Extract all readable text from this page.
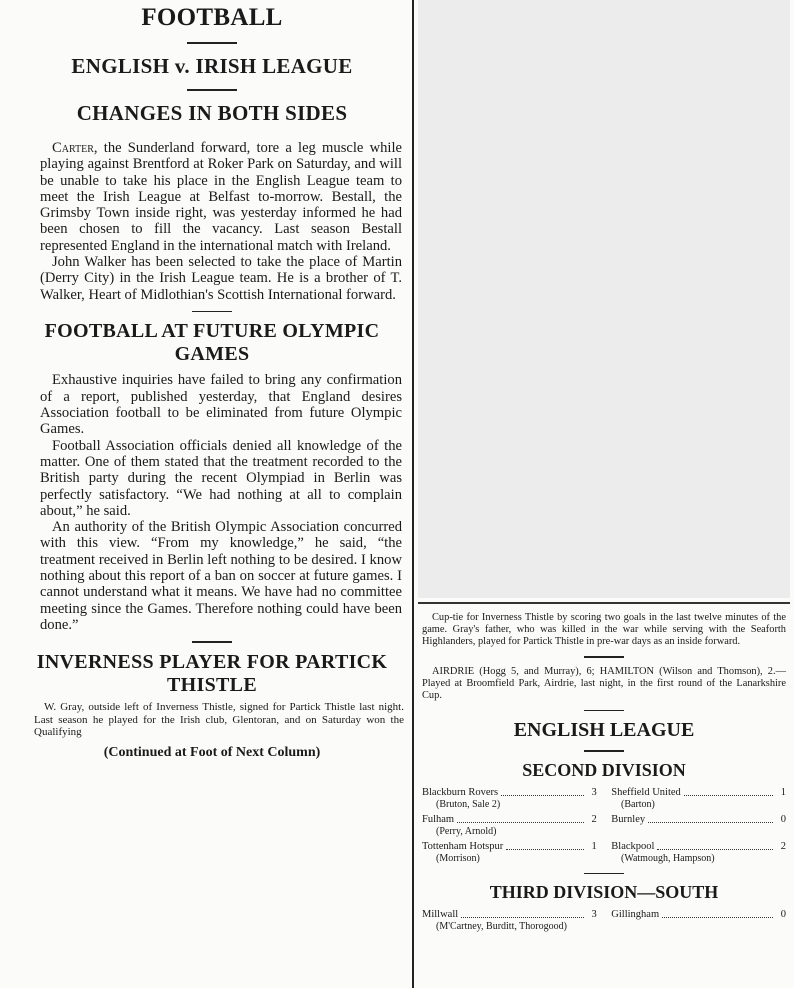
FOOTBALL
ENGLISH v. IRISH LEAGUE
CHANGES IN BOTH SIDES

Carter, the Sunderland forward, tore a leg muscle while playing against Brentford at Roker Park on Saturday, and will be unable to take his place in the English League team to meet the Irish League at Belfast to-morrow. Bestall, the Grimsby Town inside right, was yesterday informed he had been chosen to fill the vacancy. Last season Bestall represented England in the international match with Ireland.

John Walker has been selected to take the place of Martin (Derry City) in the Irish League team. He is a brother of T. Walker, Heart of Midlothian's Scottish International forward.

FOOTBALL AT FUTURE OLYMPIC GAMES

Exhaustive inquiries have failed to bring any confirmation of a report, published yesterday, that England desires Association football to be eliminated from future Olympic Games.

Football Association officials denied all knowledge of the matter. One of them stated that the treatment recorded to the British party during the recent Olympiad in Berlin was perfectly satisfactory. “We had nothing at all to complain about,” he said.

An authority of the British Olympic Association concurred with this view. “From my knowledge,” he said, “the treatment received in Berlin left nothing to be desired. I know nothing about this report of a ban on soccer at future games. I cannot understand what it means. We have had no committee meeting since the Games. Therefore nothing could have been done.”

INVERNESS PLAYER FOR PARTICK THISTLE

W. Gray, outside left of Inverness Thistle, signed for Partick Thistle last night. Last season he played for the Irish club, Glentoran, and on Saturday won the Qualifying

(Continued at Foot of Next Column)

Cup-tie for Inverness Thistle by scoring two goals in the last twelve minutes of the game. Gray's father, who was killed in the war while serving with the Seaforth Highlanders, played for Partick Thistle in pre-war days as an inside forward.

AIRDRIE (Hogg 5, and Murray), 6; HAMILTON (Wilson and Thomson), 2.—Played at Broomfield Park, Airdrie, last night, in the first round of the Lanarkshire Cup.

ENGLISH LEAGUE
SECOND DIVISION
Blackburn Rovers	3 Sheffield United	1
(Bruton, Sale 2)	(Barton)
Fulham	2 Burnley	0
(Perry, Arnold)
Tottenham Hotspur	1 Blackpool	2
(Morrison)	(Watmough, Hampson)
THIRD DIVISION—SOUTH
Millwall	3 Gillingham	0
(M'Cartney, Burditt, Thorogood)
